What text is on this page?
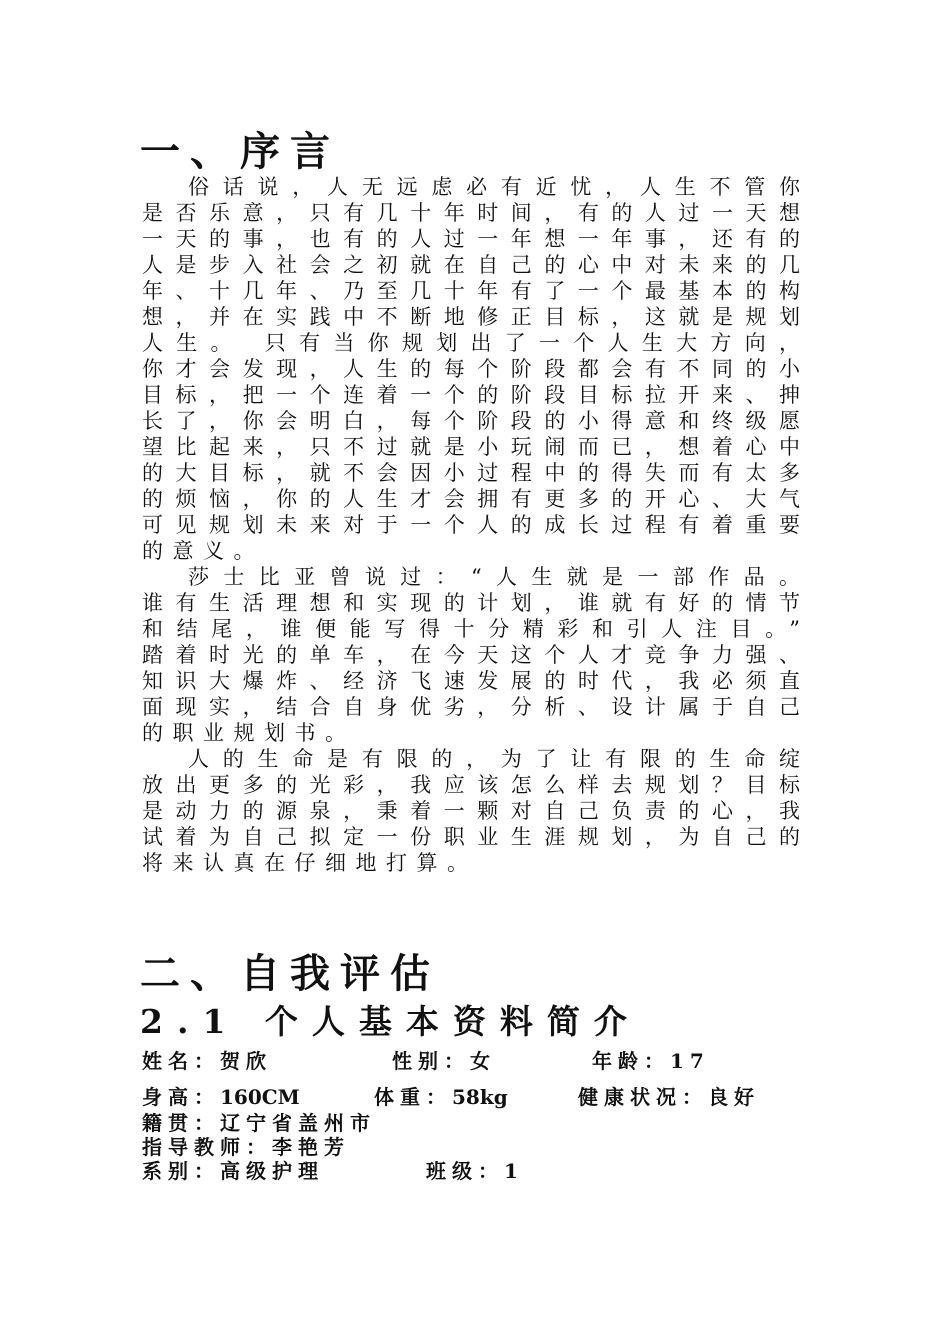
一、序言
俗话说，人无远虑必有近忧，人生不管你
是否乐意，只有几十年时间，有的人过一天想
一天的事，也有的人过一年想一年事，还有的
人是步入社会之初就在自己的心中对未来的几
年、十几年、乃至几十年有了一个最基本的构
想，并在实践中不断地修正目标，这就是规划
人生。 只有当你规划出了一个人生大方向，
你才会发现，人生的每个阶段都会有不同的小
目标，把一个连着一个的阶段目标拉开来、抻
长了，你会明白，每个阶段的小得意和终级愿
望比起来，只不过就是小玩闹而已，想着心中
的大目标，就不会因小过程中的得失而有太多
的烦恼，你的人生才会拥有更多的开心、大气
可见规划未来对于一个人的成长过程有着重要
的意义。
莎士比亚曾说过：“人生就是一部作品。
谁有生活理想和实现的计划，谁就有好的情节
和结尾，谁便能写得十分精彩和引人注目。”
踏着时光的单车，在今天这个人才竞争力强、
知识大爆炸、经济飞速发展的时代，我必须直
面现实，结合自身优劣，分析、设计属于自己
的职业规划书。
人的生命是有限的，为了让有限的生命绽
放出更多的光彩，我应该怎么样去规划？目标
是动力的源泉，秉着一颗对自己负责的心，我
试着为自己拟定一份职业生涯规划，为自己的
将来认真在仔细地打算。
二、自我评估
2.1 个人基本资料简介
姓名：贺欣	性别：女	年龄：17
身高：160CM	体重：58kg	健康状况：良好
籍贯：辽宁省盖州市
指导教师：李艳芳
系别：高级护理	班级：1
